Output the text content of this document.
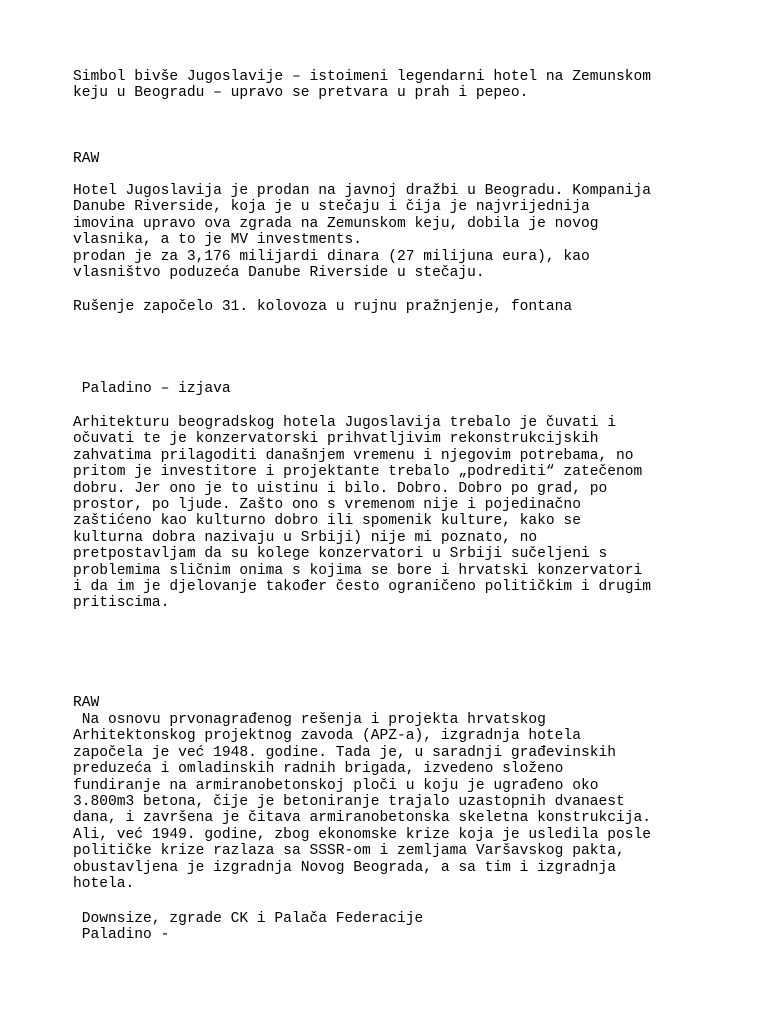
Simbol bivše Jugoslavije – istoimeni legendarni hotel na Zemunskom
keju u Beogradu – upravo se pretvara u prah i pepeo.

RAW

Hotel Jugoslavija je prodan na javnoj dražbi u Beogradu. Kompanija
Danube Riverside, koja je u stečaju i čija je najvrijednija
imovina upravo ova zgrada na Zemunskom keju, dobila je novog
vlasnika, a to je MV investments.
prodan je za 3,176 milijardi dinara (27 milijuna eura), kao
vlasništvo poduzeća Danube Riverside u stečaju.

Rušenje započelo 31. kolovoza u rujnu pražnjenje, fontana

Paladino – izjava

Arhitekturu beogradskog hotela Jugoslavija trebalo je čuvati i
očuvati te je konzervatorski prihvatljivim rekonstrukcijskih
zahvatima prilagoditi današnjem vremenu i njegovim potrebama, no
pritom je investitore i projektante trebalo „podrediti“ zatečenom
dobru. Jer ono je to uistinu i bilo. Dobro. Dobro po grad, po
prostor, po ljude. Zašto ono s vremenom nije i pojedinačno
zaštićeno kao kulturno dobro ili spomenik kulture, kako se
kulturna dobra nazivaju u Srbiji) nije mi poznato, no
pretpostavljam da su kolege konzervatori u Srbiji sučeljeni s
problemima sličnim onima s kojima se bore i hrvatski konzervatori
i da im je djelovanje također često ograničeno političkim i drugim
pritiscima.

RAW

Na osnovu prvonagrađenog rešenja i projekta hrvatskog
Arhitektonskog projektnog zavoda (APZ-a), izgradnja hotela
započela je već 1948. godine. Tada je, u saradnji građevinskih
preduzeća i omladinskih radnih brigada, izvedeno složeno
fundiranje na armiranobetonskoj ploči u koju je ugrađeno oko
3.800m3 betona, čije je betoniranje trajalo uzastopnih dvanaest
dana, i završena je čitava armiranobetonska skeletna konstrukcija.
Ali, već 1949. godine, zbog ekonomske krize koja je usledila posle
političke krize razlaza sa SSSR-om i zemljama Varšavskog pakta,
obustavljena je izgradnja Novog Beograda, a sa tim i izgradnja
hotela.

Downsize, zgrade CK i Palača Federacije

Paladino -
